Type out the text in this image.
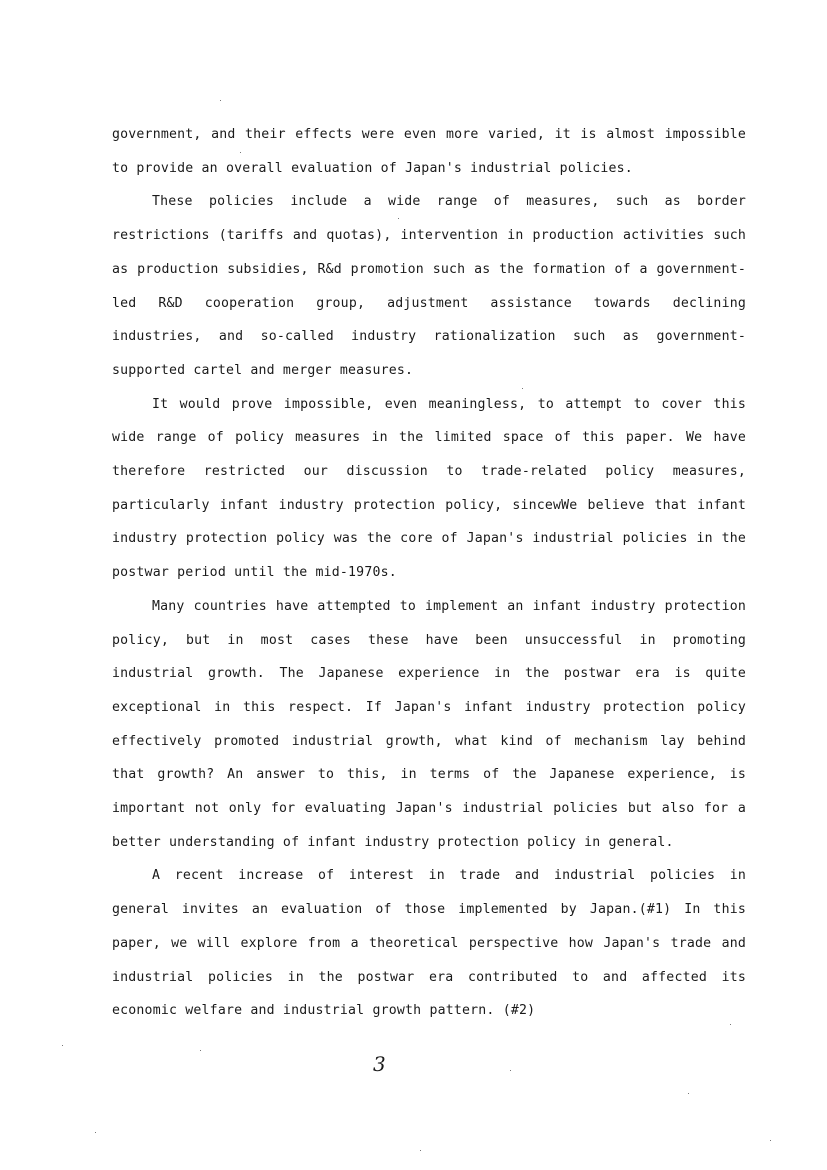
government, and their effects were even more varied, it is almost impossible to provide an overall evaluation of Japan's industrial policies.

These policies include a wide range of measures, such as border restrictions (tariffs and quotas), intervention in production activities such as production subsidies, R&d promotion such as the formation of a government-led R&D cooperation group, adjustment assistance towards declining industries, and so-called industry rationalization such as government-supported cartel and merger measures.

It would prove impossible, even meaningless, to attempt to cover this wide range of policy measures in the limited space of this paper. We have therefore restricted our discussion to trade-related policy measures, particularly infant industry protection policy, sincewWe believe that infant industry protection policy was the core of Japan's industrial policies in the postwar period until the mid-1970s.

Many countries have attempted to implement an infant industry protection policy, but in most cases these have been unsuccessful in promoting industrial growth. The Japanese experience in the postwar era is quite exceptional in this respect. If Japan's infant industry protection policy effectively promoted industrial growth, what kind of mechanism lay behind that growth? An answer to this, in terms of the Japanese experience, is important not only for evaluating Japan's industrial policies but also for a better understanding of infant industry protection policy in general.

A recent increase of interest in trade and industrial policies in general invites an evaluation of those implemented by Japan.(#1) In this paper, we will explore from a theoretical perspective how Japan's trade and industrial policies in the postwar era contributed to and affected its economic welfare and industrial growth pattern. (#2)

3
